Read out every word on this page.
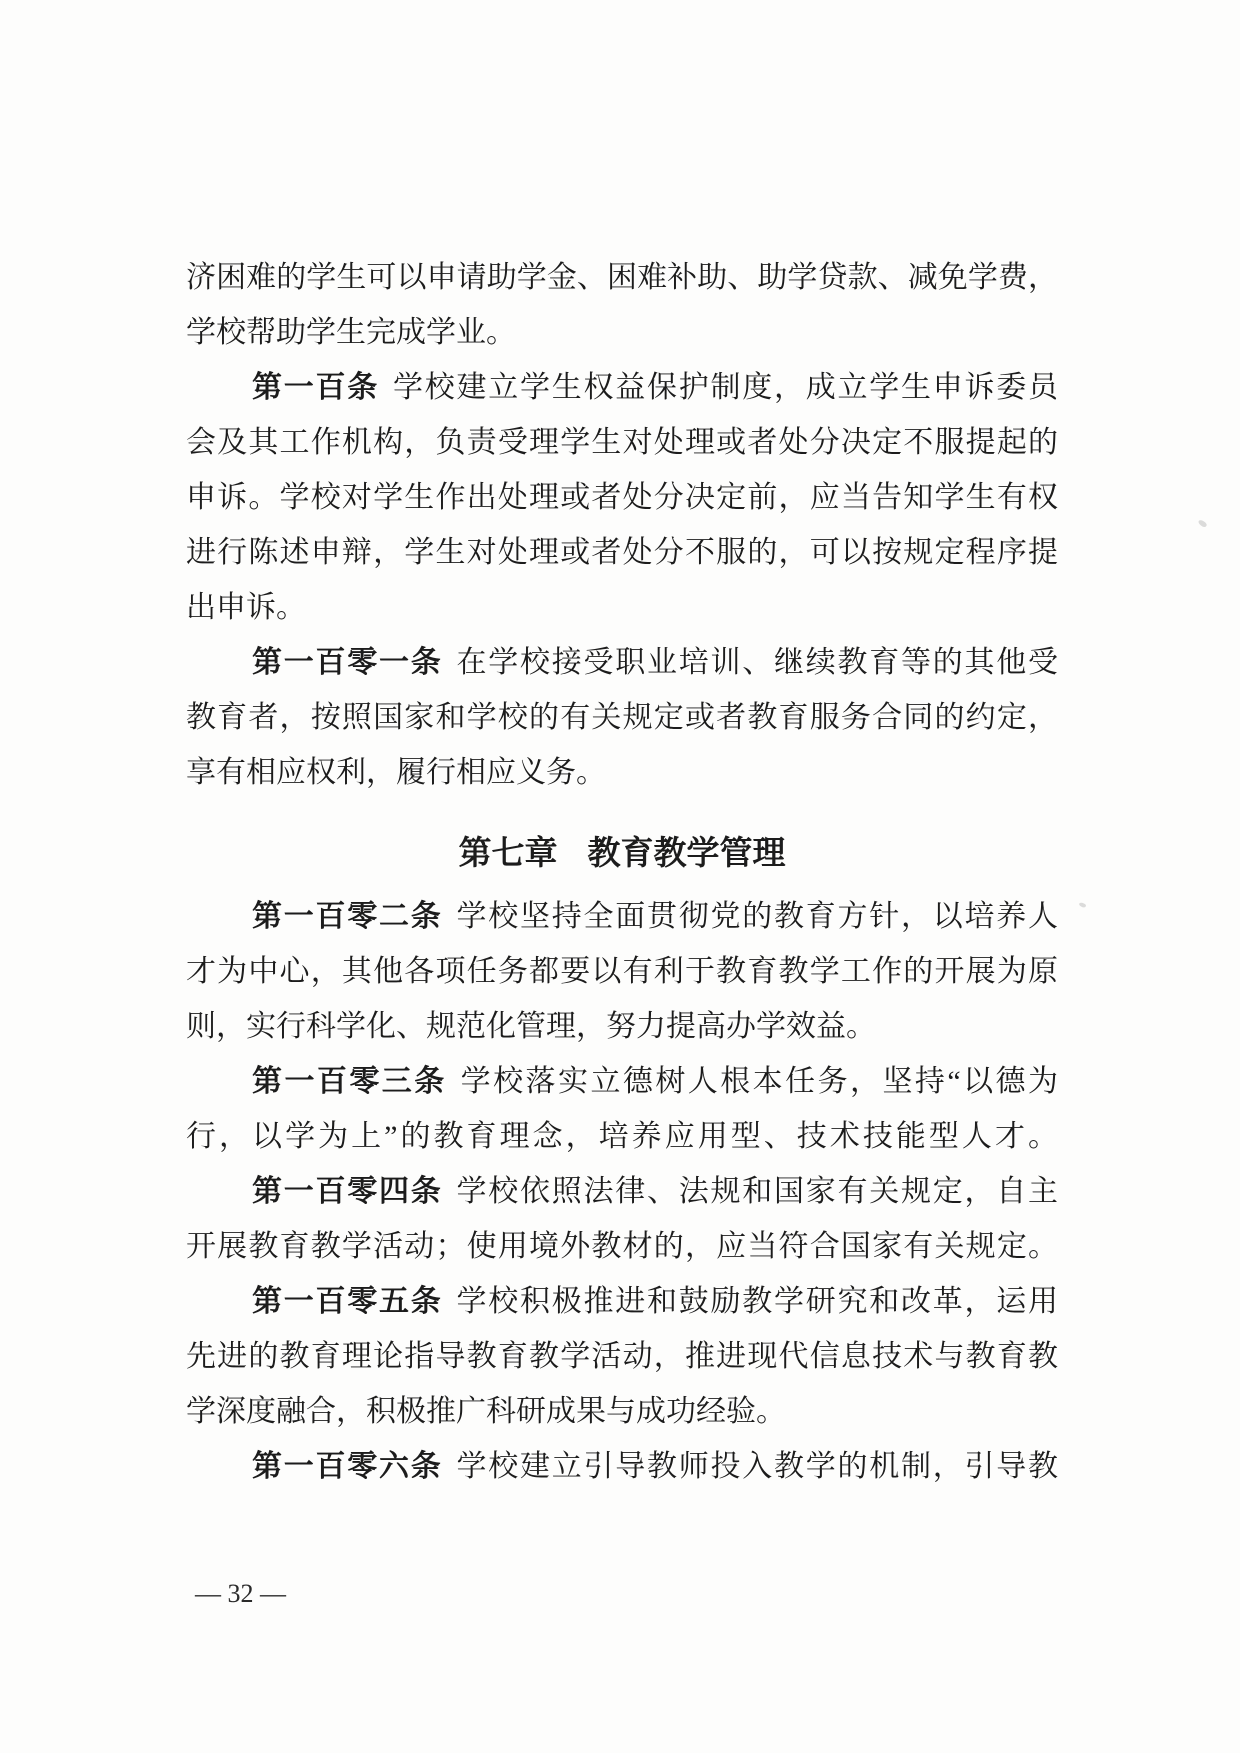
济困难的学生可以申请助学金、困难补助、助学贷款、减免学费，
学校帮助学生完成学业。
第一百条 学校建立学生权益保护制度，成立学生申诉委员
会及其工作机构，负责受理学生对处理或者处分决定不服提起的
申诉。学校对学生作出处理或者处分决定前，应当告知学生有权
进行陈述申辩，学生对处理或者处分不服的，可以按规定程序提
出申诉。
第一百零一条 在学校接受职业培训、继续教育等的其他受
教育者，按照国家和学校的有关规定或者教育服务合同的约定，
享有相应权利，履行相应义务。
第七章 教育教学管理
第一百零二条 学校坚持全面贯彻党的教育方针，以培养人
才为中心，其他各项任务都要以有利于教育教学工作的开展为原
则，实行科学化、规范化管理，努力提高办学效益。
第一百零三条 学校落实立德树人根本任务，坚持“以德为
行，以学为上”的教育理念，培养应用型、技术技能型人才。
第一百零四条 学校依照法律、法规和国家有关规定，自主
开展教育教学活动；使用境外教材的，应当符合国家有关规定。
第一百零五条 学校积极推进和鼓励教学研究和改革，运用
先进的教育理论指导教育教学活动，推进现代信息技术与教育教
学深度融合，积极推广科研成果与成功经验。
第一百零六条 学校建立引导教师投入教学的机制，引导教
— 32 —
